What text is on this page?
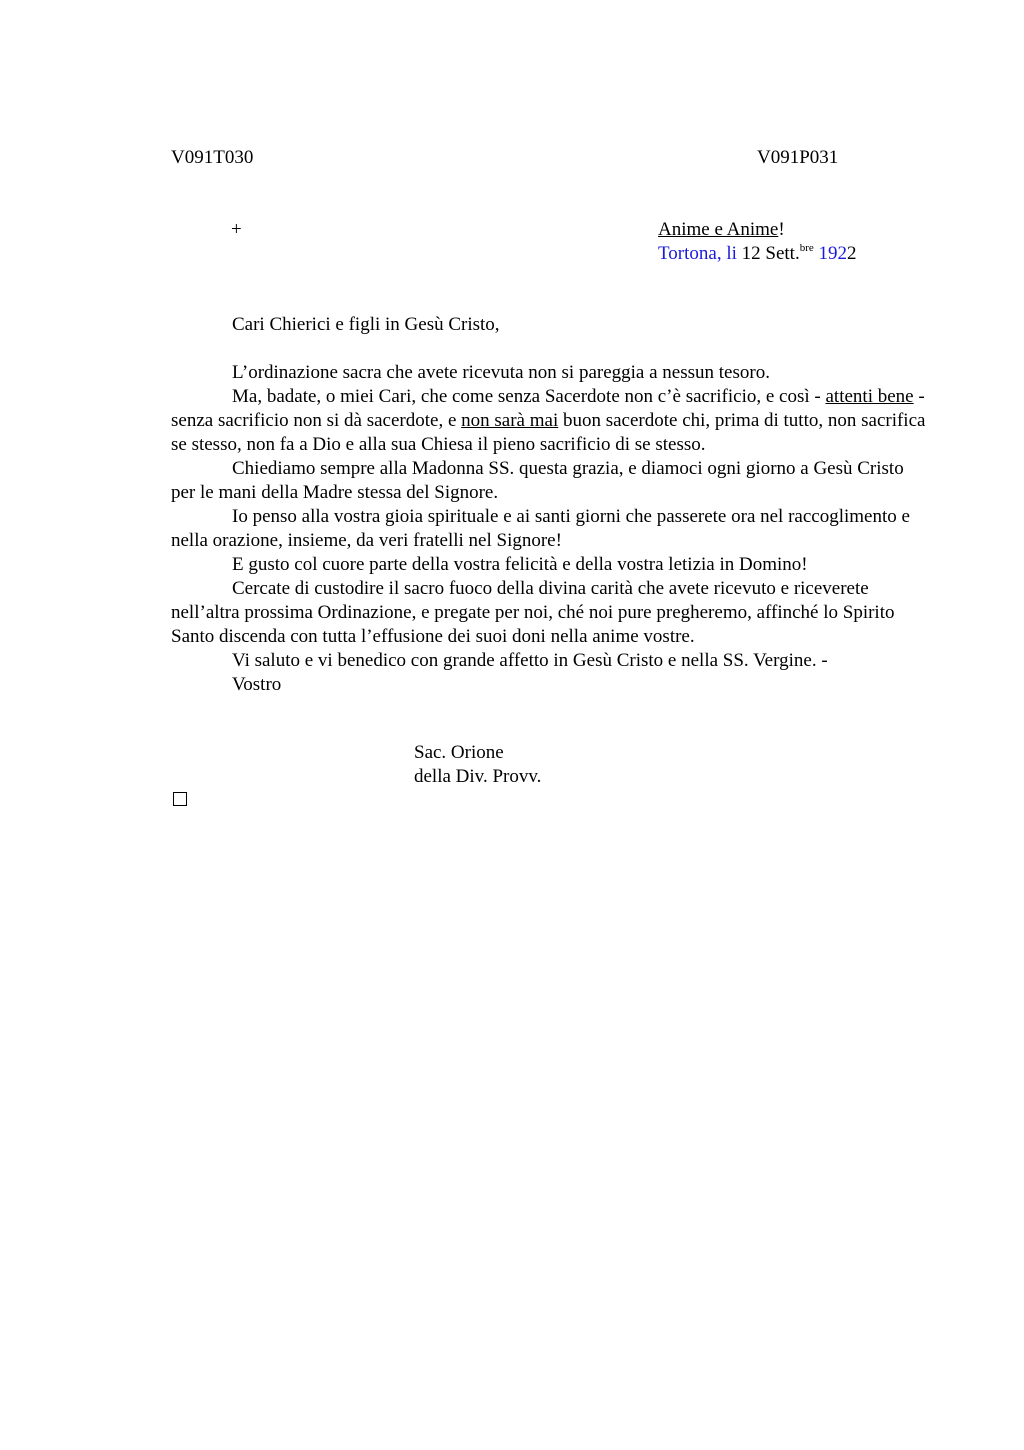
V091T030	V091P031
+	Anime e Anime!
Tortona, li 12 Sett.$^{bre}$ 1922

Cari Chierici e figli in Gesù Cristo,

L’ordinazione sacra che avete ricevuta non si pareggia a nessun tesoro.

Ma, badate, o miei Cari, che come senza Sacerdote non c’è sacrificio, e così - attenti bene - senza sacrificio non si dà sacerdote, e non sarà mai buon sacerdote chi, prima di tutto, non sacrifica se stesso, non fa a Dio e alla sua Chiesa il pieno sacrificio di se stesso.

Chiediamo sempre alla Madonna SS. questa grazia, e diamoci ogni giorno a Gesù Cristo per le mani della Madre stessa del Signore.

Io penso alla vostra gioia spirituale e ai santi giorni che passerete ora nel raccoglimento e nella orazione, insieme, da veri fratelli nel Signore!

E gusto col cuore parte della vostra felicità e della vostra letizia in Domino!

Cercate di custodire il sacro fuoco della divina carità che avete ricevuto e riceverete nell’altra prossima Ordinazione, e pregate per noi, ché noi pure pregheremo, affinché lo Spirito Santo discenda con tutta l’effusione dei suoi doni nella anime vostre.

Vi saluto e vi benedico con grande affetto in Gesù Cristo e nella SS. Vergine. -

Vostro

Sac. Orione
della Div. Provv.
